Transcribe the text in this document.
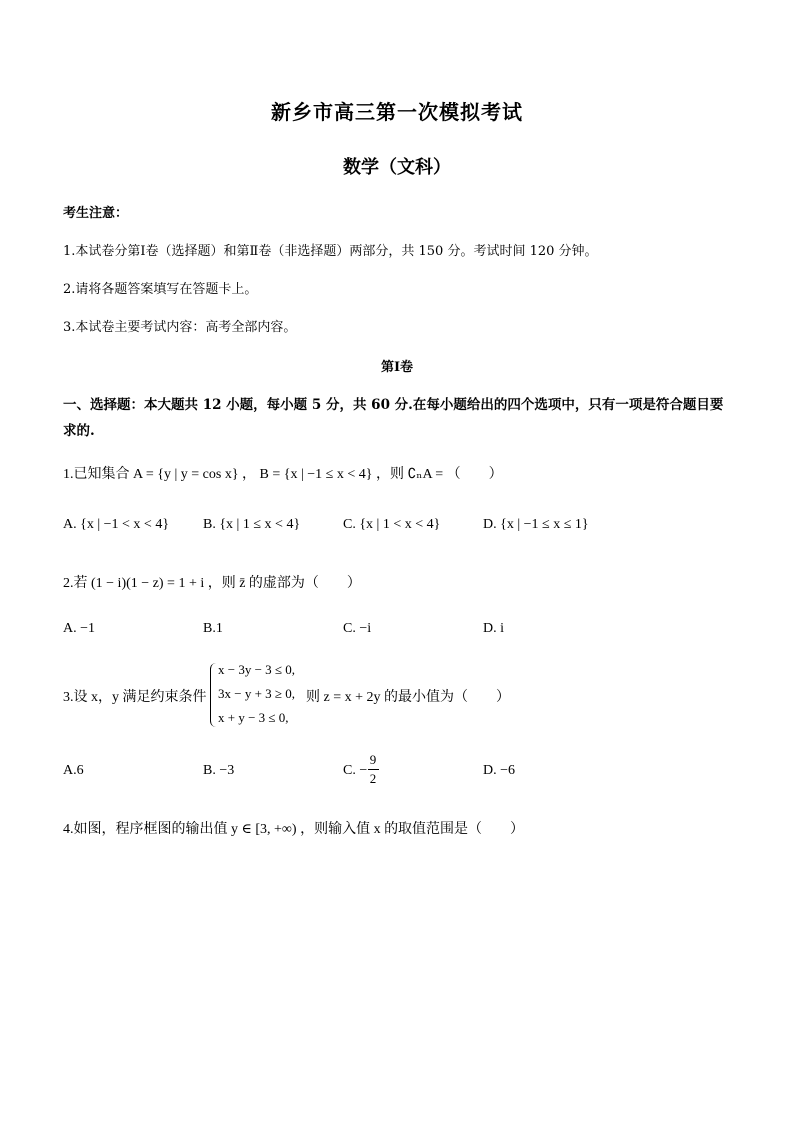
新乡市高三第一次模拟考试
数学（文科）
考生注意：
1.本试卷分第Ⅰ卷（选择题）和第Ⅱ卷（非选择题）两部分，共 150 分。考试时间 120 分钟。
2.请将各题答案填写在答题卡上。
3.本试卷主要考试内容：高考全部内容。
第Ⅰ卷
一、选择题：本大题共 12 小题，每小题 5 分，共 60 分.在每小题给出的四个选项中，只有一项是符合题目要
求的.
1.已知集合 A = {y | y = cos x} ， B = {x | −1 ≤ x < 4} ，则 ∁ₙA = （　　）
A. {x | −1 < x < 4} B. {x | 1 ≤ x < 4}	C. {x | 1 < x < 4}	D. {x | −1 ≤ x ≤ 1}
2.若 (1 − i)(1 − z) = 1 + i ，则 z̄ 的虚部为（　　）
A. −1	B.1	C. −i	D. i
3.设 x，y 满足约束条件
x − 3y − 3 ≤ 0,
3x − y + 3 ≥ 0,
x + y − 3 ≤ 0,
则 z = x + 2y 的最小值为（　　）
A.6	B. −3	C. −
9
2
D. −6
4.如图，程序框图的输出值 y ∈ [3, +∞) ，则输入值 x 的取值范围是（　　）
